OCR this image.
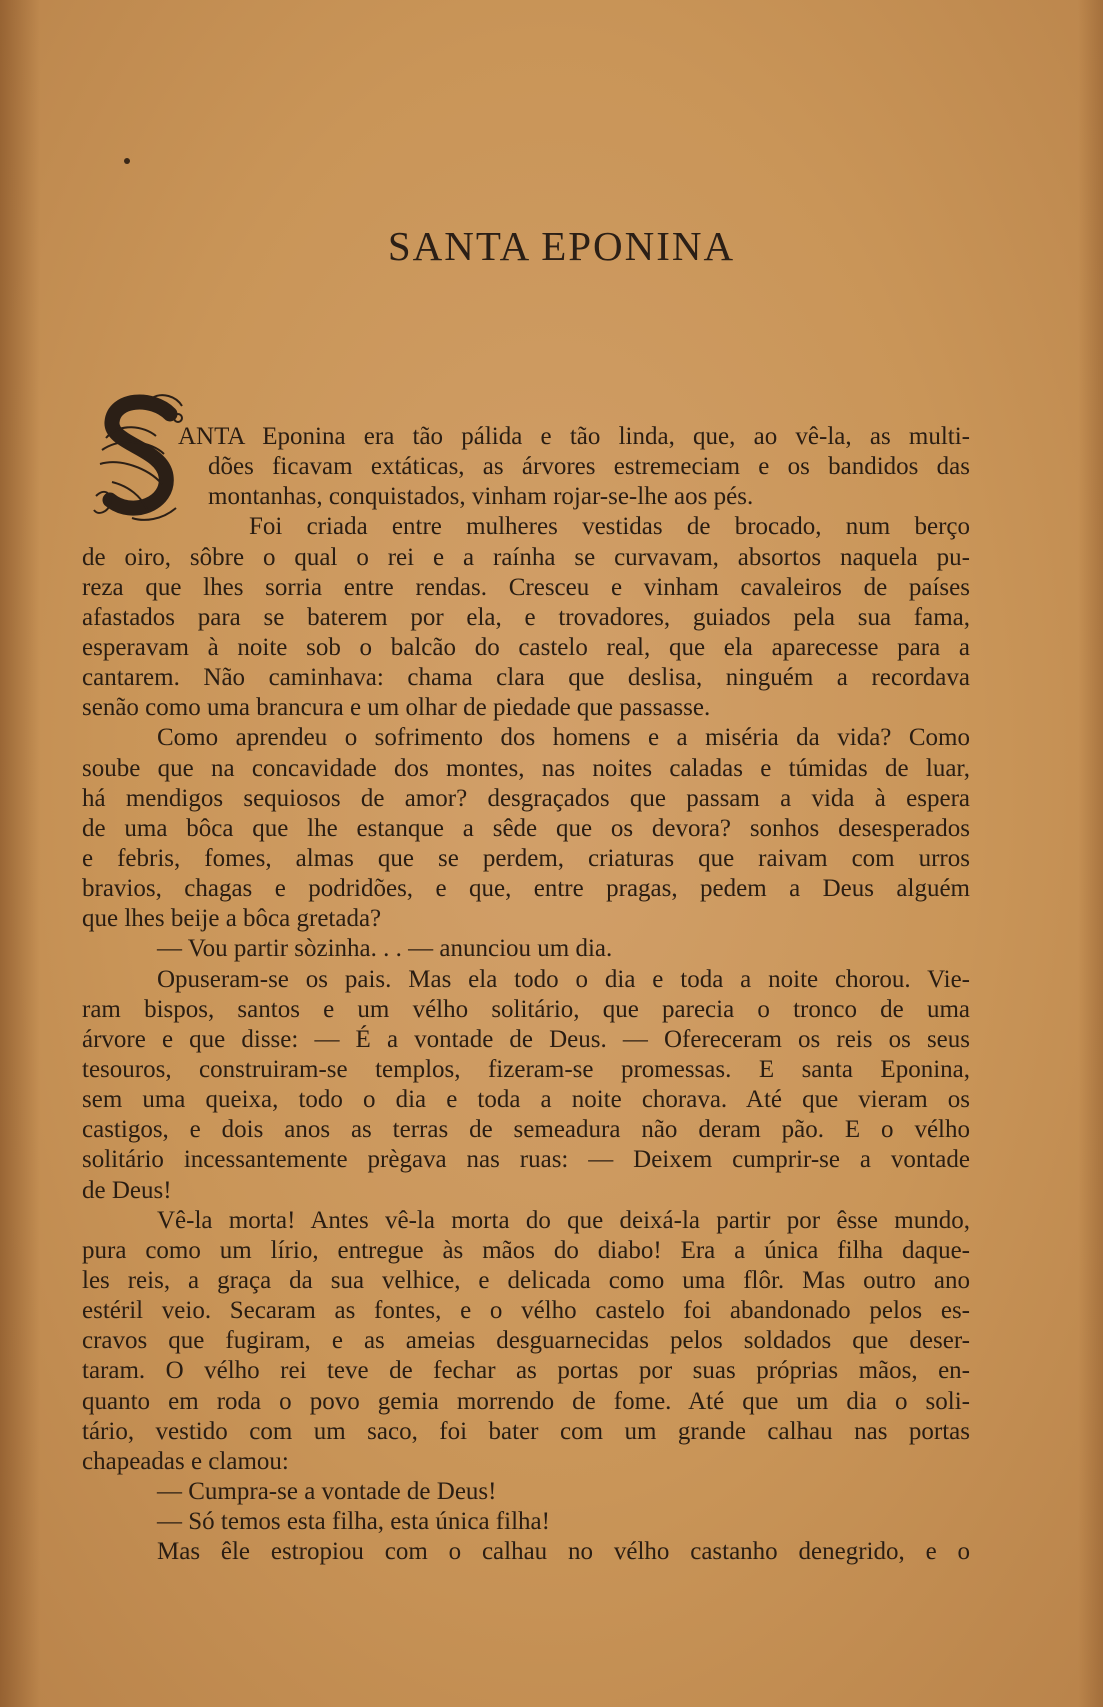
SANTA EPONINA
ANTA Eponina era tão pálida e tão linda, que, ao vê-la, as multi-
dões ficavam extáticas, as árvores estremeciam e os bandidos das
montanhas, conquistados, vinham rojar-se-lhe aos pés.
Foi criada entre mulheres vestidas de brocado, num berço
de oiro, sôbre o qual o rei e a raínha se curvavam, absortos naquela pu-
reza que lhes sorria entre rendas. Cresceu e vinham cavaleiros de países
afastados para se baterem por ela, e trovadores, guiados pela sua fama,
esperavam à noite sob o balcão do castelo real, que ela aparecesse para a
cantarem. Não caminhava: chama clara que deslisa, ninguém a recordava
senão como uma brancura e um olhar de piedade que passasse.
Como aprendeu o sofrimento dos homens e a miséria da vida? Como
soube que na concavidade dos montes, nas noites caladas e túmidas de luar,
há mendigos sequiosos de amor? desgraçados que passam a vida à espera
de uma bôca que lhe estanque a sêde que os devora? sonhos desesperados
e febris, fomes, almas que se perdem, criaturas que raivam com urros
bravios, chagas e podridões, e que, entre pragas, pedem a Deus alguém
que lhes beije a bôca gretada?
— Vou partir sòzinha. . . — anunciou um dia.
Opuseram-se os pais. Mas ela todo o dia e toda a noite chorou. Vie-
ram bispos, santos e um vélho solitário, que parecia o tronco de uma
árvore e que disse: — É a vontade de Deus. — Ofereceram os reis os seus
tesouros, construiram-se templos, fizeram-se promessas. E santa Eponina,
sem uma queixa, todo o dia e toda a noite chorava. Até que vieram os
castigos, e dois anos as terras de semeadura não deram pão. E o vélho
solitário incessantemente prègava nas ruas: — Deixem cumprir-se a vontade
de Deus!
Vê-la morta! Antes vê-la morta do que deixá-la partir por êsse mundo,
pura como um lírio, entregue às mãos do diabo! Era a única filha daque-
les reis, a graça da sua velhice, e delicada como uma flôr. Mas outro ano
estéril veio. Secaram as fontes, e o vélho castelo foi abandonado pelos es-
cravos que fugiram, e as ameias desguarnecidas pelos soldados que deser-
taram. O vélho rei teve de fechar as portas por suas próprias mãos, en-
quanto em roda o povo gemia morrendo de fome. Até que um dia o soli-
tário, vestido com um saco, foi bater com um grande calhau nas portas
chapeadas e clamou:
— Cumpra-se a vontade de Deus!
— Só temos esta filha, esta única filha!
Mas êle estropiou com o calhau no vélho castanho denegrido, e o
